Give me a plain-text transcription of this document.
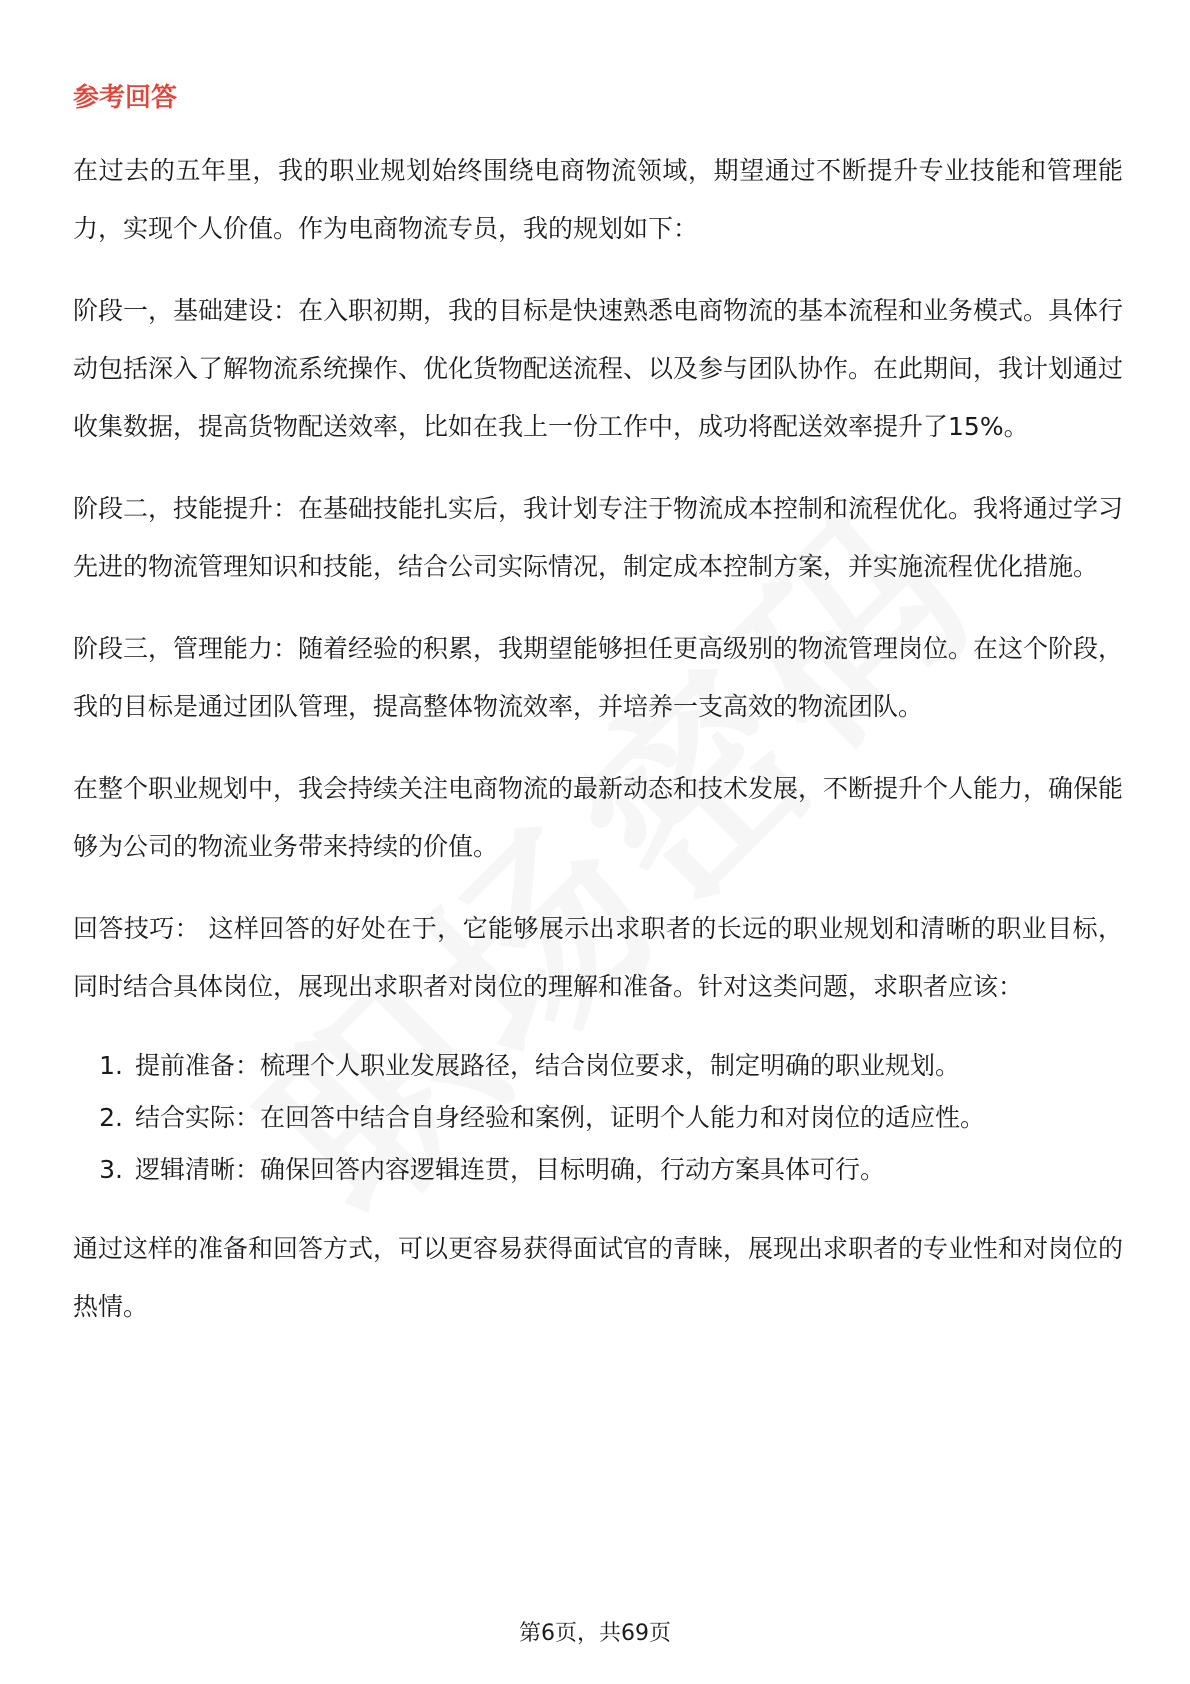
参考回答

在过去的五年里，我的职业规划始终围绕电商物流领域，期望通过不断提升专业技能和管理能力，实现个人价值。作为电商物流专员，我的规划如下：

阶段一，基础建设：在入职初期，我的目标是快速熟悉电商物流的基本流程和业务模式。具体行动包括深入了解物流系统操作、优化货物配送流程、以及参与团队协作。在此期间，我计划通过收集数据，提高货物配送效率，比如在我上一份工作中，成功将配送效率提升了15%。

阶段二，技能提升：在基础技能扎实后，我计划专注于物流成本控制和流程优化。我将通过学习先进的物流管理知识和技能，结合公司实际情况，制定成本控制方案，并实施流程优化措施。

阶段三，管理能力：随着经验的积累，我期望能够担任更高级别的物流管理岗位。在这个阶段，我的目标是通过团队管理，提高整体物流效率，并培养一支高效的物流团队。

在整个职业规划中，我会持续关注电商物流的最新动态和技术发展，不断提升个人能力，确保能够为公司的物流业务带来持续的价值。

回答技巧： 这样回答的好处在于，它能够展示出求职者的长远的职业规划和清晰的职业目标，同时结合具体岗位，展现出求职者对岗位的理解和准备。针对这类问题，求职者应该：

1. 提前准备：梳理个人职业发展路径，结合岗位要求，制定明确的职业规划。
2. 结合实际：在回答中结合自身经验和案例，证明个人能力和对岗位的适应性。
3. 逻辑清晰：确保回答内容逻辑连贯，目标明确，行动方案具体可行。

通过这样的准备和回答方式，可以更容易获得面试官的青睐，展现出求职者的专业性和对岗位的热情。

第6页，共69页
